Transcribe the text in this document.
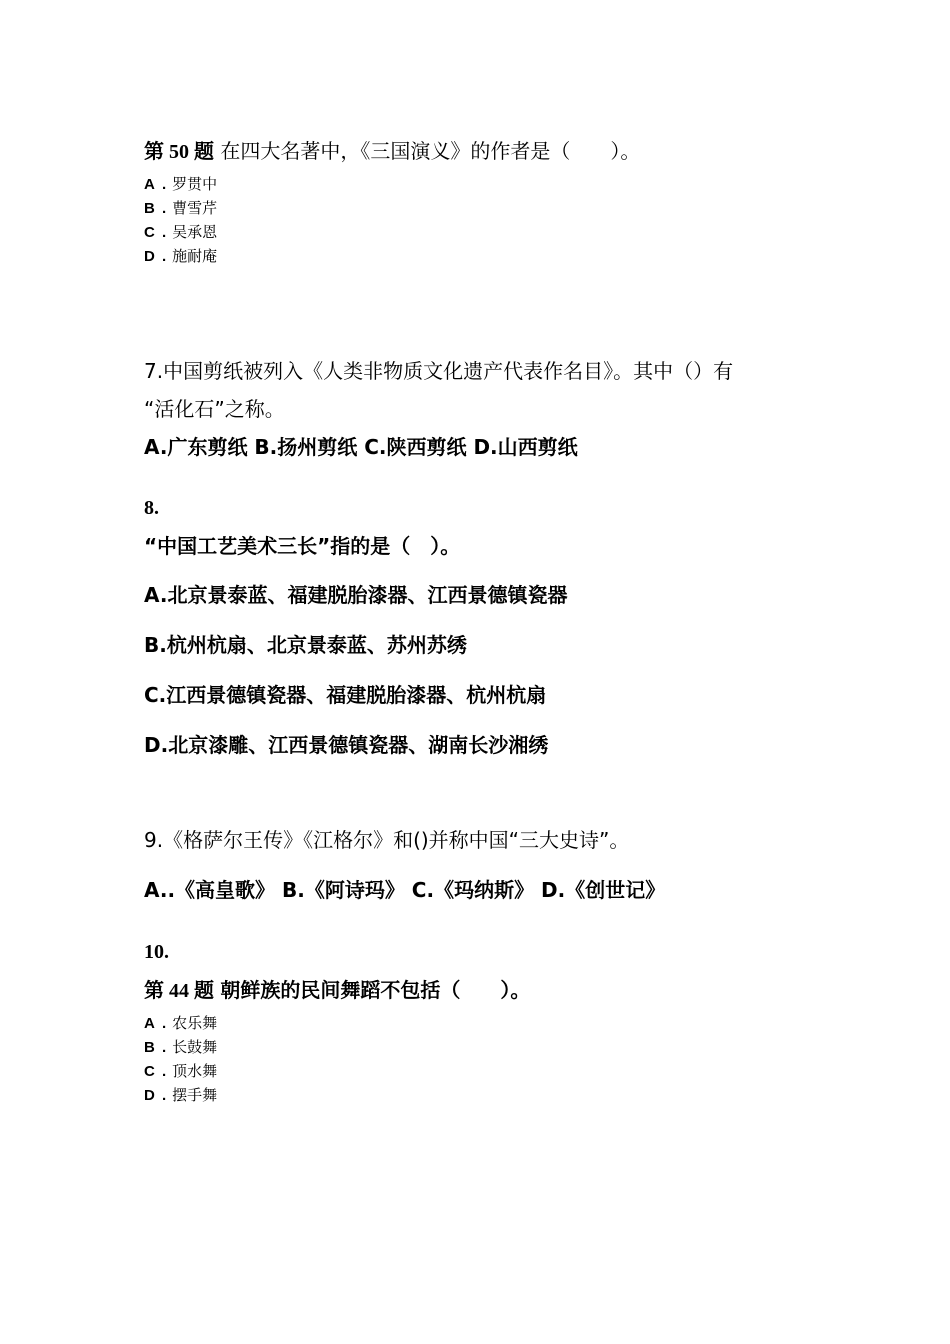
第 50 题 在四大名著中，《三国演义》的作者是（　　）。
A . 罗贯中
B . 曹雪芹
C . 吴承恩
D . 施耐庵
7.中国剪纸被列入《人类非物质文化遗产代表作名目》。其中（）有
“活化石”之称。
A.广东剪纸 B.扬州剪纸 C.陕西剪纸 D.山西剪纸
8.
“中国工艺美术三长”指的是（　）。
A.北京景泰蓝、福建脱胎漆器、江西景德镇瓷器
B.杭州杭扇、北京景泰蓝、苏州苏绣
C.江西景德镇瓷器、福建脱胎漆器、杭州杭扇
D.北京漆雕、江西景德镇瓷器、湖南长沙湘绣
9.《格萨尔王传》《江格尔》和()并称中国“三大史诗”。
A..《高皇歌》 B.《阿诗玛》 C.《玛纳斯》 D.《创世记》
10.
第 44 题 朝鲜族的民间舞蹈不包括（　　）。
A . 农乐舞
B . 长鼓舞
C . 顶水舞
D . 摆手舞
